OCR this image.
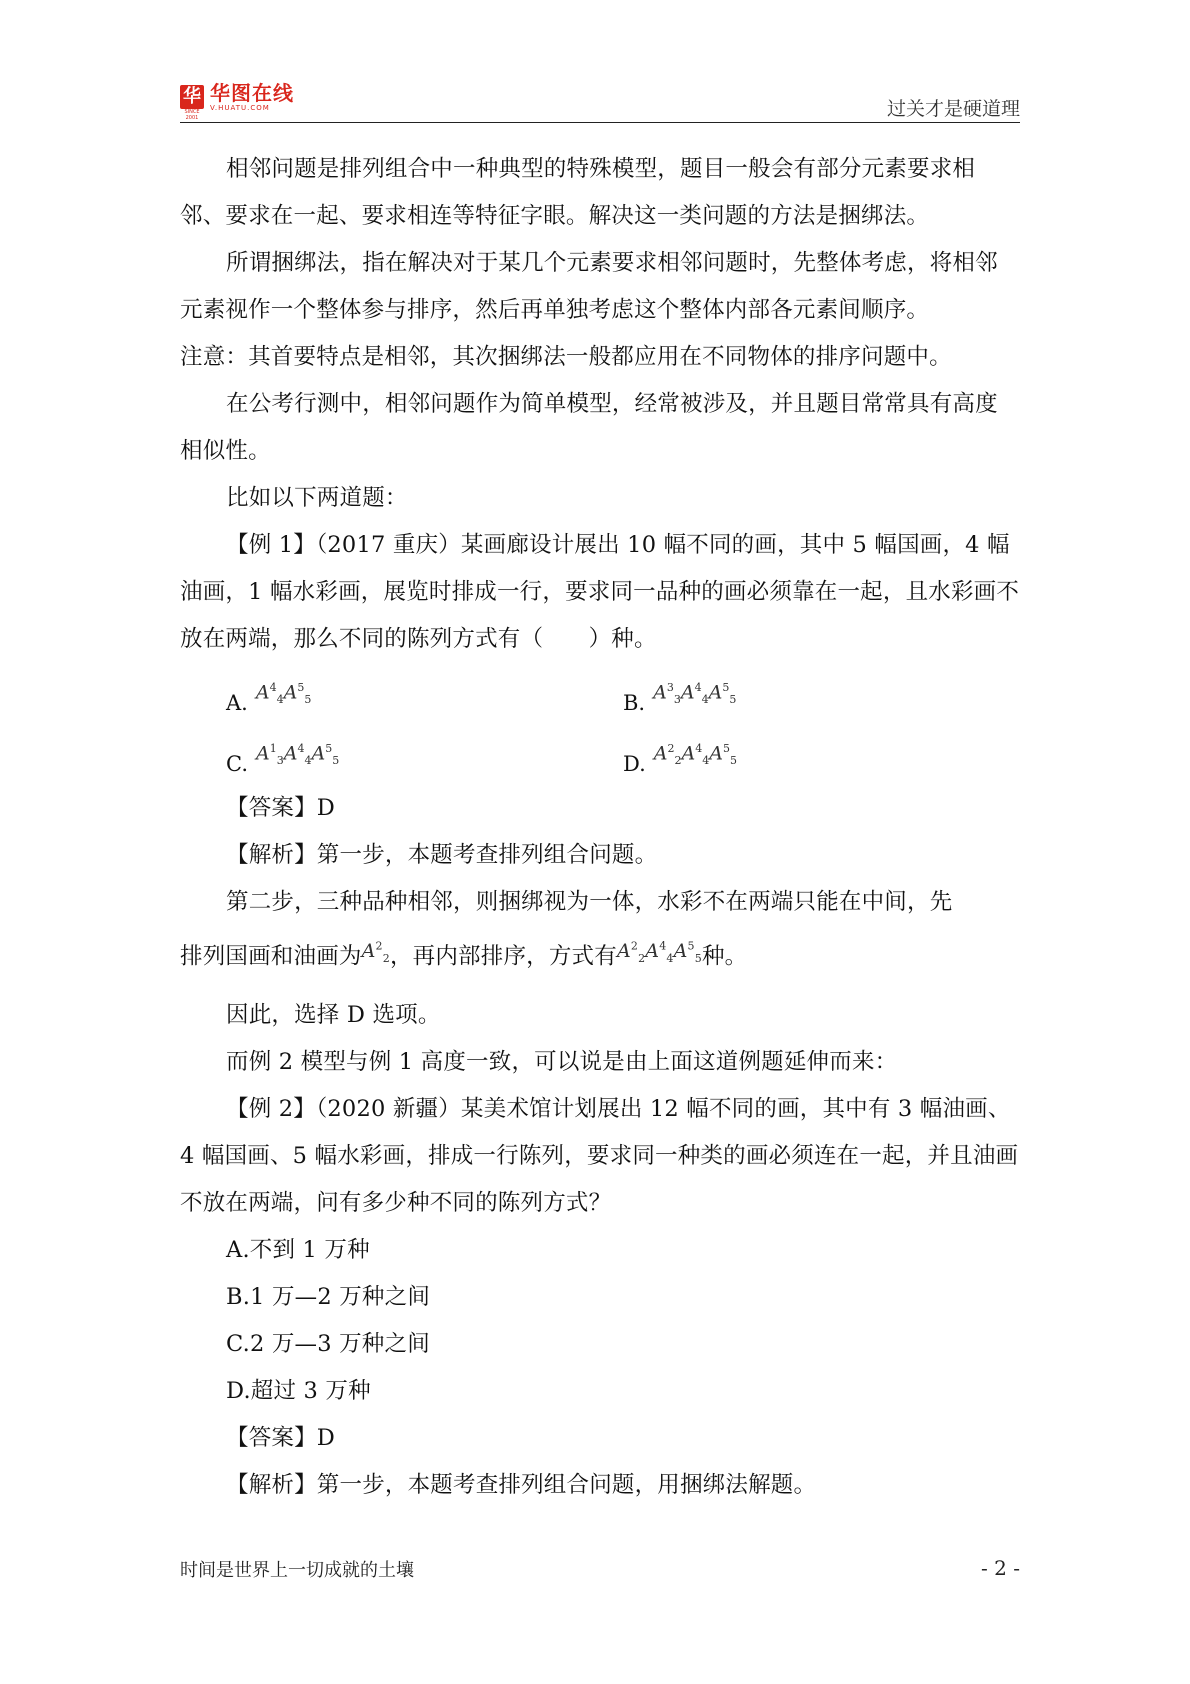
华
SINCE 2001
华图在线
V.HUATU.COM	过关才是硬道理

相邻问题是排列组合中一种典型的特殊模型，题目一般会有部分元素要求相邻、要求在一起、要求相连等特征字眼。解决这一类问题的方法是捆绑法。

所谓捆绑法，指在解决对于某几个元素要求相邻问题时，先整体考虑，将相邻元素视作一个整体参与排序，然后再单独考虑这个整体内部各元素间顺序。

注意：其首要特点是相邻，其次捆绑法一般都应用在不同物体的排序问题中。

在公考行测中，相邻问题作为简单模型，经常被涉及，并且题目常常具有高度相似性。

比如以下两道题：

【例 1】（2017 重庆）某画廊设计展出 10 幅不同的画，其中 5 幅国画，4 幅油画，1 幅水彩画，展览时排成一行，要求同一品种的画必须靠在一起，且水彩画不放在两端，那么不同的陈列方式有（　　）种。

A. $A^4_4A^5_5$	B. $A^3_3A^4_4A^5_5$
C. $A^1_3A^4_4A^5_5$	D. $A^2_2A^4_4A^5_5$

【答案】D

【解析】第一步，本题考查排列组合问题。

第二步，三种品种相邻，则捆绑视为一体，水彩不在两端只能在中间，先

排列国画和油画为$^{A^2_2}$，再内部排序，方式有$^{A^2_2A^4_4A^5_5}$种。

因此，选择 D 选项。

而例 2 模型与例 1 高度一致，可以说是由上面这道例题延伸而来：

【例 2】（2020 新疆）某美术馆计划展出 12 幅不同的画，其中有 3 幅油画、4 幅国画、5 幅水彩画，排成一行陈列，要求同一种类的画必须连在一起，并且油画不放在两端，问有多少种不同的陈列方式？

A.不到 1 万种

B.1 万—2 万种之间

C.2 万—3 万种之间

D.超过 3 万种

【答案】D

【解析】第一步，本题考查排列组合问题，用捆绑法解题。

时间是世界上一切成就的土壤	- 2 -
